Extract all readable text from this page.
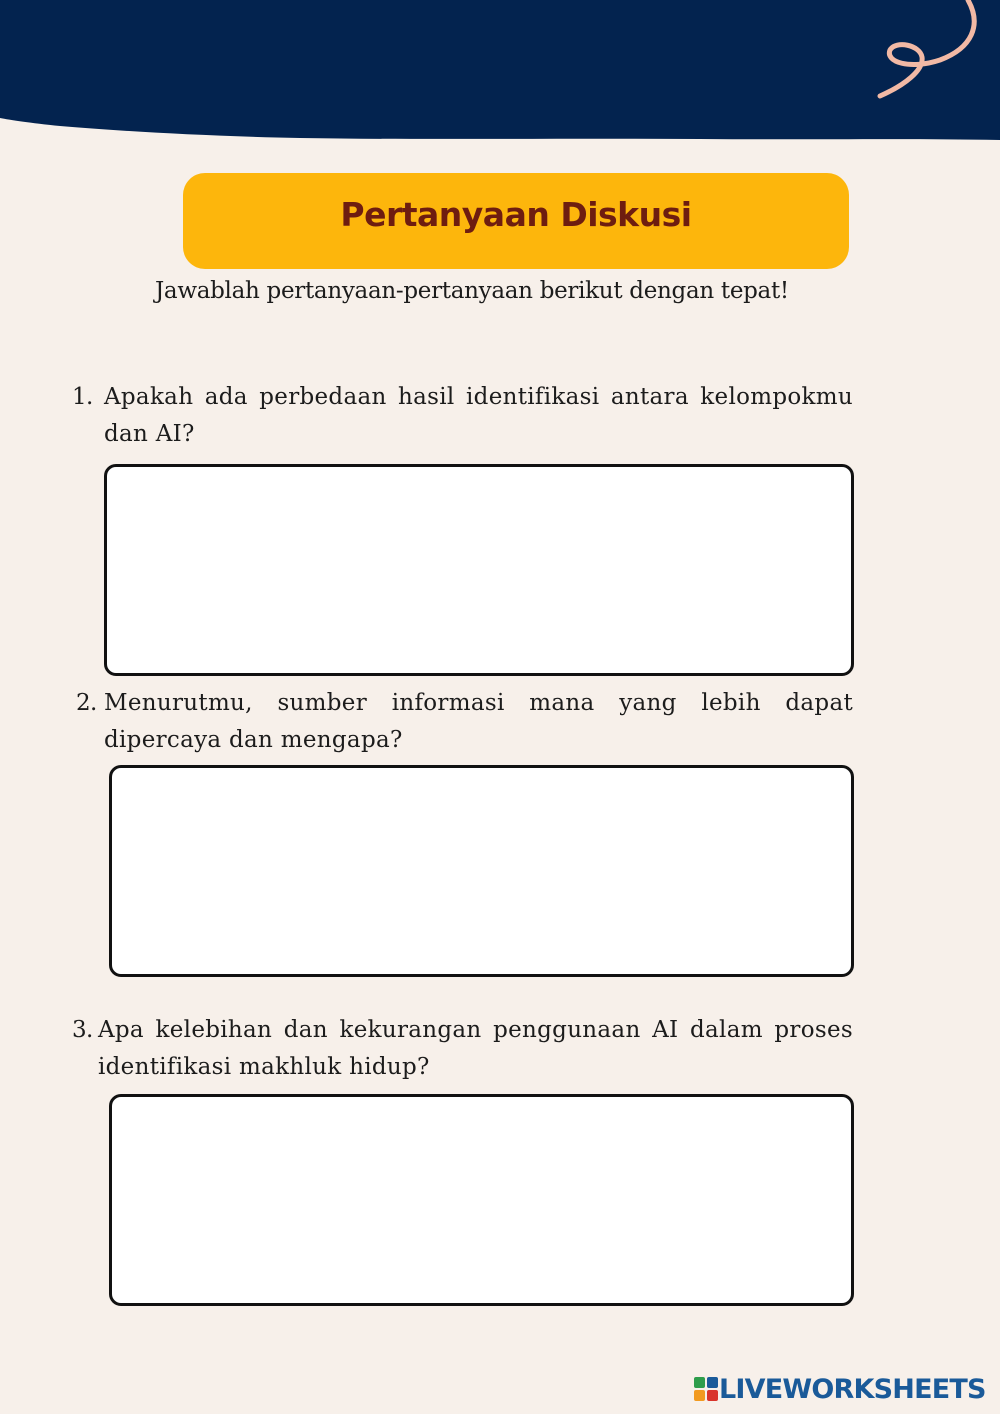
Pertanyaan Diskusi
Jawablah pertanyaan-pertanyaan berikut dengan tepat!
1. Apakah ada perbedaan hasil identifikasi antara kelompokmu dan AI?
2. Menurutmu, sumber informasi mana yang lebih dapat dipercaya dan mengapa?
3. Apa kelebihan dan kekurangan penggunaan AI dalam proses identifikasi makhluk hidup?
LIVEWORKSHEETS
